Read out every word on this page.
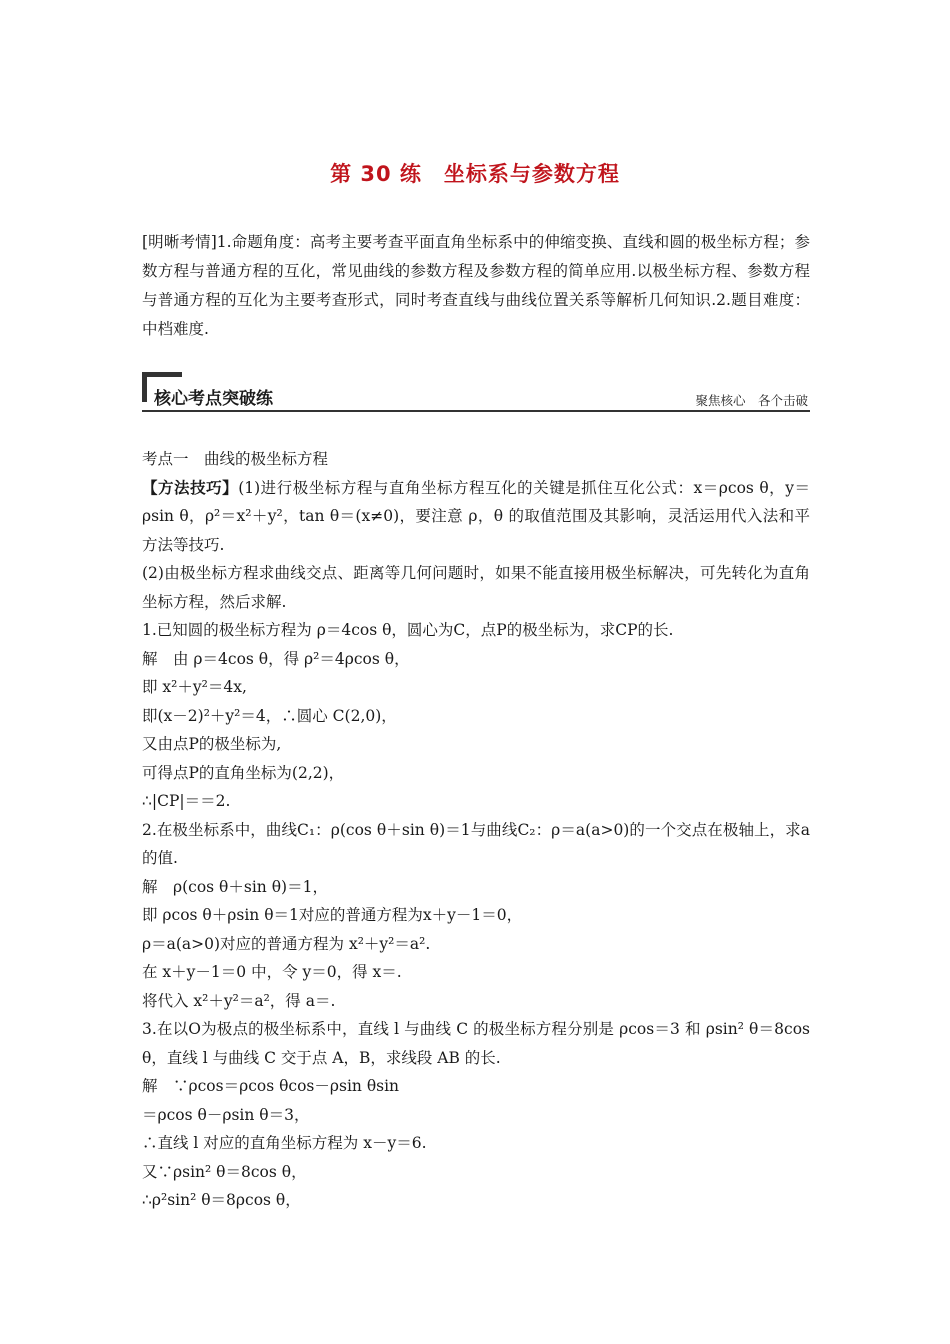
第 30 练　坐标系与参数方程
[明晰考情]1.命题角度：高考主要考查平面直角坐标系中的伸缩变换、直线和圆的极坐标方程；参数方程与普通方程的互化，常见曲线的参数方程及参数方程的简单应用.以极坐标方程、参数方程与普通方程的互化为主要考查形式，同时考查直线与曲线位置关系等解析几何知识.2.题目难度：中档难度.
核心考点突破练	聚焦核心　各个击破

考点一　曲线的极坐标方程

【方法技巧】(1)进行极坐标方程与直角坐标方程互化的关键是抓住互化公式：x＝ρcos θ，y＝ρsin θ，ρ²＝x²＋y²，tan θ＝(x≠0)，要注意 ρ，θ 的取值范围及其影响，灵活运用代入法和平方法等技巧.

(2)由极坐标方程求曲线交点、距离等几何问题时，如果不能直接用极坐标解决，可先转化为直角坐标方程，然后求解.

1.已知圆的极坐标方程为 ρ＝4cos θ，圆心为C，点P的极坐标为，求CP的长.

解　由 ρ＝4cos θ，得 ρ²＝4ρcos θ，

即 x²＋y²＝4x,

即(x－2)²＋y²＝4，∴圆心 C(2,0)，

又由点P的极坐标为,

可得点P的直角坐标为(2,2)，

∴|CP|＝＝2.

2.在极坐标系中，曲线C₁：ρ(cos θ＋sin θ)＝1与曲线C₂：ρ＝a(a>0)的一个交点在极轴上，求a的值.

解　ρ(cos θ＋sin θ)＝1，

即 ρcos θ＋ρsin θ＝1对应的普通方程为x＋y－1＝0，

ρ＝a(a>0)对应的普通方程为 x²＋y²＝a².

在 x＋y－1＝0 中，令 y＝0，得 x＝.

将代入 x²＋y²＝a²，得 a＝.

3.在以O为极点的极坐标系中，直线 l 与曲线 C 的极坐标方程分别是 ρcos＝3 和 ρsin² θ＝8cos θ，直线 l 与曲线 C 交于点 A，B，求线段 AB 的长.

解　∵ρcos＝ρcos θcos－ρsin θsin

＝ρcos θ－ρsin θ＝3，

∴直线 l 对应的直角坐标方程为 x－y＝6.

又∵ρsin² θ＝8cos θ，

∴ρ²sin² θ＝8ρcos θ，
